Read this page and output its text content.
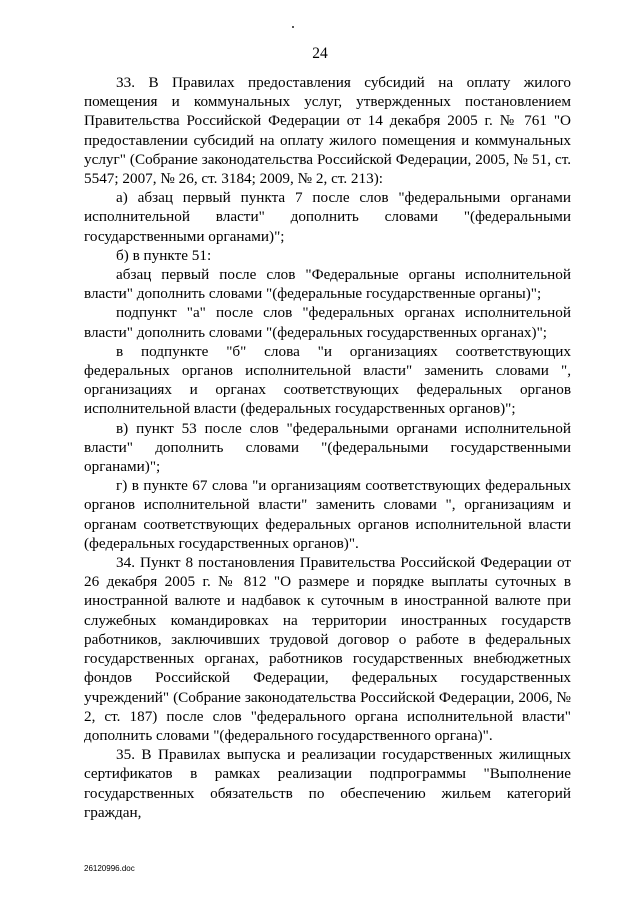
24

33. В Правилах предоставления субсидий на оплату жилого помещения и коммунальных услуг, утвержденных постановлением Правительства Российской Федерации от 14 декабря 2005 г. № 761 "О предоставлении субсидий на оплату жилого помещения и коммунальных услуг" (Собрание законодательства Российской Федерации, 2005, № 51, ст. 5547; 2007, № 26, ст. 3184; 2009, № 2, ст. 213):

а) абзац первый пункта 7 после слов "федеральными органами исполнительной власти" дополнить словами "(федеральными государственными органами)";

б) в пункте 51:

абзац первый после слов "Федеральные органы исполнительной власти" дополнить словами "(федеральные государственные органы)";

подпункт "а" после слов "федеральных органах исполнительной власти" дополнить словами "(федеральных государственных органах)";

в подпункте "б" слова "и организациях соответствующих федеральных органов исполнительной власти" заменить словами ", организациях и органах соответствующих федеральных органов исполнительной власти (федеральных государственных органов)";

в) пункт 53 после слов "федеральными органами исполнительной власти" дополнить словами "(федеральными государственными органами)";

г) в пункте 67 слова "и организациям соответствующих федеральных органов исполнительной власти" заменить словами ", организациям и органам соответствующих федеральных органов исполнительной власти (федеральных государственных органов)".

34. Пункт 8 постановления Правительства Российской Федерации от 26 декабря 2005 г. № 812 "О размере и порядке выплаты суточных в иностранной валюте и надбавок к суточным в иностранной валюте при служебных командировках на территории иностранных государств работников, заключивших трудовой договор о работе в федеральных государственных органах, работников государственных внебюджетных фондов Российской Федерации, федеральных государственных учреждений" (Собрание законодательства Российской Федерации, 2006, № 2, ст. 187) после слов "федерального органа исполнительной власти" дополнить словами "(федерального государственного органа)".

35. В Правилах выпуска и реализации государственных жилищных сертификатов в рамках реализации подпрограммы "Выполнение государственных обязательств по обеспечению жильем категорий граждан,

26120996.doc
